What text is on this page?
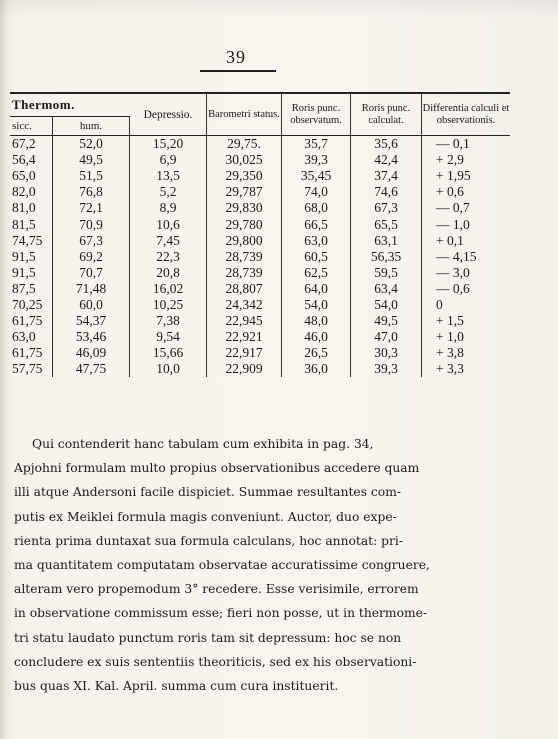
39
Thermom.		Depressio.	Barometri status.	Roris punc. observatum.	Roris punc. calculat.	Differentia calculi et observationis.
sicc.	hum.					
67,2	52,0	15,20	29,75.	35,7	35,6	— 0,1
56,4	49,5	6,9	30,025	39,3	42,4	+ 2,9
65,0	51,5	13,5	29,350	35,45	37,4	+ 1,95
82,0	76,8	5,2	29,787	74,0	74,6	+ 0,6
81,0	72,1	8,9	29,830	68,0	67,3	— 0,7
81,5	70,9	10,6	29,780	66,5	65,5	— 1,0
74,75	67,3	7,45	29,800	63,0	63,1	+ 0,1
91,5	69,2	22,3	28,739	60,5	56,35	— 4,15
91,5	70,7	20,8	28,739	62,5	59,5	— 3,0
87,5	71,48	16,02	28,807	64,0	63,4	— 0,6
70,25	60,0	10,25	24,342	54,0	54,0	0
61,75	54,37	7,38	22,945	48,0	49,5	+ 1,5
63,0	53,46	9,54	22,921	46,0	47,0	+ 1,0
61,75	46,09	15,66	22,917	26,5	30,3	+ 3,8
57,75	47,75	10,0	22,909	36,0	39,3	+ 3,3

Qui contenderit hanc tabulam cum exhibita in pag. 34,

Apjohni formulam multo propius observationibus accedere quam
illi atque Andersoni facile dispiciet. Summae resultantes com-
putis ex Meiklei formula magis conveniunt. Auctor, duo expe-
rienta prima duntaxat sua formula calculans, hoc annotat: pri-
ma quantitatem computatam observatae accuratissime congruere,
alteram vero propemodum 3° recedere. Esse verisimile, errorem
in observatione commissum esse; fieri non posse, ut in thermome-
tri statu laudato punctum roris tam sit depressum: hoc se non
concludere ex suis sententiis theoriticis, sed ex his observationi-
bus quas XI. Kal. April. summa cum cura instituerit.
